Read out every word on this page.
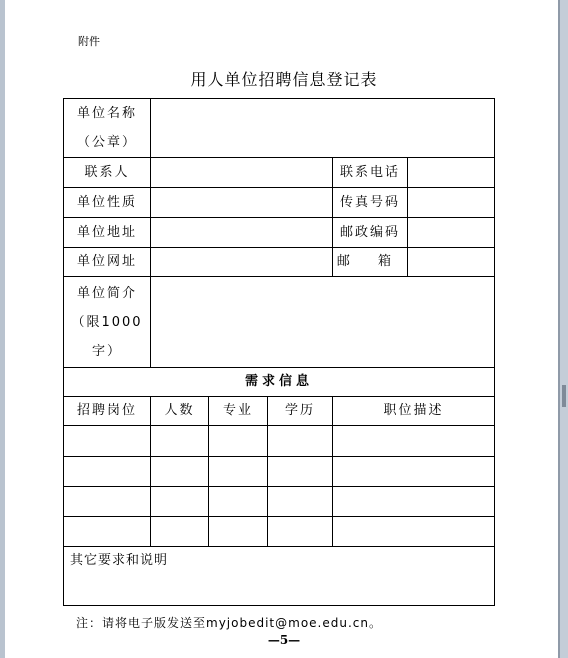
附件
用人单位招聘信息登记表
单位名称
（公章）					

联系人				联系电话	
单位性质				传真号码	
单位地址				邮政编码	
单位网址				邮 箱	

单位简介
（限1000
字）					

需求信息					
招聘岗位	人数	专业	学历	职位描述	

其它要求和说明					
注：请将电子版发送至myjobedit@moe.edu.cn。
—5—
